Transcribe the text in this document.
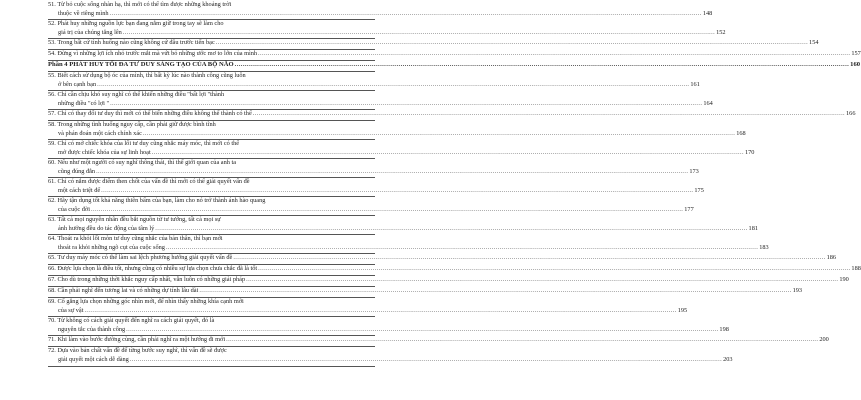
51. Từ bỏ cuộc sống nhàn hạ, thì mới có thể tìm được những khoảng trời
thuộc về riêng mình ............................................................................................................................................................................................................................................................................................................ 148
52. Phát huy những nguồn lực bạn đang nắm giữ trong tay sẽ làm cho
giá trị của chúng tăng lên ............................................................................................................................................................................................................................................................................................................ 152
53. Trong bất cứ tình huống nào cũng không cứ đâu trước tiến bạc ............................................................................................................................................................................................................................................................................................................ 154
54. Đừng vì những lợi ích nhỏ trước mắt mà vứt bỏ những ước mơ to lớn của mình ............................................................................................................................................................................................................................................................................................................ 157
Phần 4 PHÁT HUY TỐI ĐA TƯ DUY SÁNG TẠO CỦA BỘ NÃO ............................................................................................................................................................................................................................................................................................................ 160
55. Biết cách sử dụng bộ óc của mình, thì bất kỳ lúc nào thành công cũng luôn
ở bên cạnh bạn ............................................................................................................................................................................................................................................................................................................ 161
56. Chỉ cần chịu khó suy nghĩ có thể khiến những điều "bất lợi "thành
những điều "có lợi " ............................................................................................................................................................................................................................................................................................................ 164
57. Chỉ có thay đổi tư duy thì mới có thể biến những điều không thể thành có thể ............................................................................................................................................................................................................................................................................................................ 166
58. Trong những tình huống nguy cấp, cần phải giữ được bình tĩnh
và phán đoán một cách chính xác ............................................................................................................................................................................................................................................................................................................ 168
59. Chỉ có mở chiếc khóa của lối tư duy cũng nhắc máy móc, thì mới có thể
mở được chiếc khóa của sự linh hoạt ............................................................................................................................................................................................................................................................................................................ 170
60. Nếu như một người có suy nghĩ thông thái, thì thế giới quan của anh ta
cũng đúng đắn ............................................................................................................................................................................................................................................................................................................ 173
61. Chỉ có nắm được điểm then chốt của vấn đề thì mới có thể giải quyết vấn đề
một cách triệt để ............................................................................................................................................................................................................................................................................................................ 175
62. Hãy tận dụng tốt khả năng thiên bẩm của bạn, làm cho nó trở thành ánh hào quang
của cuộc đời ............................................................................................................................................................................................................................................................................................................ 177
63. Tất cả mọi nguyên nhân đều bắt nguồn từ tư tưởng, tất cả mọi sự
ảnh hưởng đều do tác động của tâm lý ............................................................................................................................................................................................................................................................................................................ 181
64. Thoát ra khỏi lối mòn tư duy cũng nhắc của bản thân, thì bạn mới
thoát ra khỏi những ngõ cụt của cuộc sống ............................................................................................................................................................................................................................................................................................................ 183
65. Tư duy máy móc có thể làm sai lệch phương hướng giải quyết vấn đề ............................................................................................................................................................................................................................................................................................................ 186
66. Được lựa chọn là điều tốt, nhưng cũng có nhiều sự lựa chọn chưa chắc đã là tốt ............................................................................................................................................................................................................................................................................................................ 188
67. Cho dù trong những thời khắc nguy cấp nhất, vẫn luôn có những giải pháp ............................................................................................................................................................................................................................................................................................................ 190
68. Cần phải nghĩ đến tương lai và có những dự tính lâu dài ............................................................................................................................................................................................................................................................................................................ 193
69. Cố gắng lựa chọn những góc nhìn mới, để nhìn thấy những khía cạnh mới
của sự vật ............................................................................................................................................................................................................................................................................................................ 195
70. Từ không có cách giải quyết đến nghĩ ra cách giải quyết, đó là
nguyên tắc của thành công ............................................................................................................................................................................................................................................................................................................ 198
71. Khi làm vào bước đường cùng, cần phải nghĩ ra một hướng đi mới ............................................................................................................................................................................................................................................................................................................ 200
72. Dựa vào bản chất vấn đề để từng bước suy nghĩ, thì vấn đề sẽ được
giải quyết một cách dễ dàng ............................................................................................................................................................................................................................................................................................................ 203
